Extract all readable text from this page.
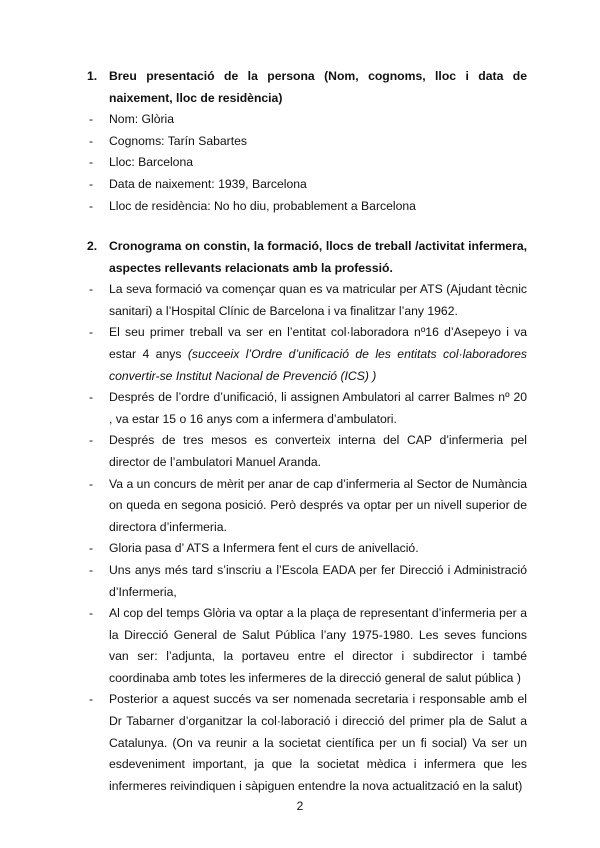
1. Breu presentació de la persona (Nom, cognoms, lloc i data de naixement, lloc de residència)
-	Nom: Glòria
-	Cognoms: Tarín Sabartes
-	Lloc: Barcelona
-	Data de naixement: 1939, Barcelona
-	Lloc de residència: No ho diu, probablement a Barcelona
2. Cronograma on constin, la formació, llocs de treball /activitat infermera, aspectes rellevants relacionats amb la professió.
-	La seva formació va començar quan es va matricular per ATS (Ajudant tècnic sanitari) a l’Hospital Clínic de Barcelona i va finalitzar l’any 1962.
-	El seu primer treball va ser en l’entitat col·laboradora nº16 d’Asepeyo i va estar 4 anys (succeeix l’Ordre d’unificació de les entitats col·laboradores convertir-se Institut Nacional de Prevenció (ICS) )
-	Després de l’ordre d’unificació, li assignen Ambulatori al carrer Balmes nº 20 , va estar 15 o 16 anys com a infermera d’ambulatori.
-	Després de tres mesos es converteix interna del CAP d’infermeria pel director de l’ambulatori Manuel Aranda.
-	Va a un concurs de mèrit per anar de cap d’infermeria al Sector de Numància on queda en segona posició. Però després va optar per un nivell superior de directora d’infermeria.
-	Gloria pasa d’ ATS a Infermera fent el curs de anivellació.
-	Uns anys més tard s’inscriu a l’Escola EADA per fer Direcció i Administració d’Infermeria,
-	Al cop del temps Glòria va optar a la plaça de representant d’infermeria per a la Direcció General de Salut Pública l’any 1975-1980. Les seves funcions van ser: l’adjunta, la portaveu entre el director i subdirector i també coordinaba amb totes les infermeres de la direcció general de salut pública )
-	Posterior a aquest succés va ser nomenada secretaria i responsable amb el Dr Tabarner d’organitzar la col·laboració i direcció del primer pla de Salut a Catalunya. (On va reunir a la societat científica per un fi social) Va ser un esdeveniment important, ja que la societat mèdica i infermera que les infermeres reivindiquen i sàpiguen entendre la nova actualització en la salut)
2
